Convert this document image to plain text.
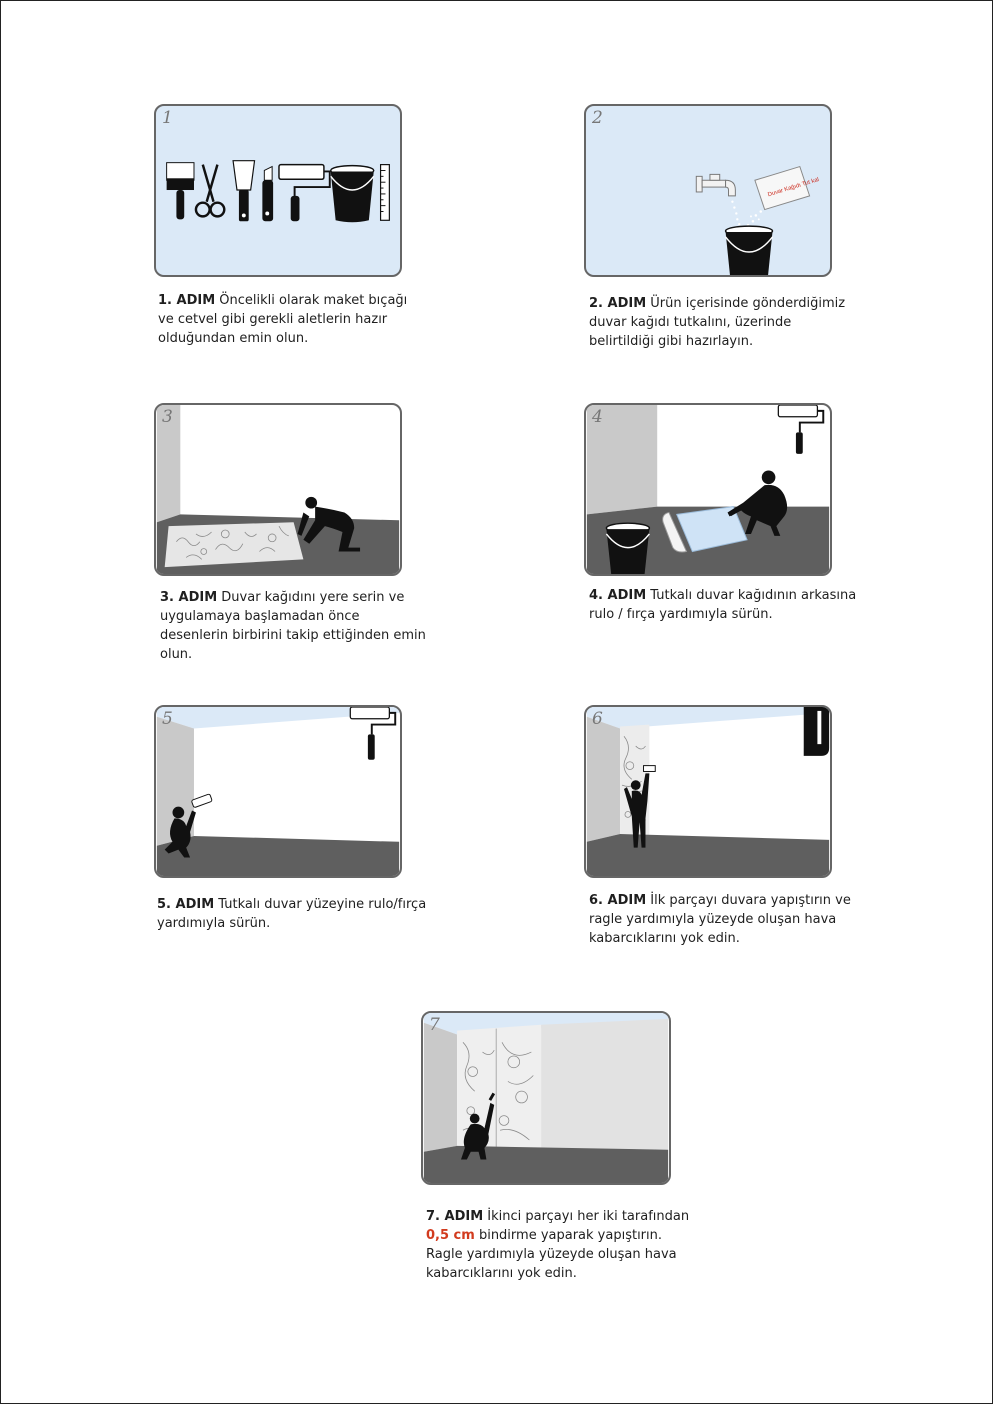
1
1. ADIM Öncelikli olarak maket bıçağı ve cetvel gibi gerekli aletlerin hazır olduğundan emin olun.
2
Duvar Kağıdı Tut kal
2. ADIM Ürün içerisinde gönderdiğimiz duvar kağıdı tutkalını, üzerinde belirtildiği gibi hazırlayın.
3
3. ADIM Duvar kağıdını yere serin ve uygulamaya başlamadan önce desenlerin birbirini takip ettiğinden emin olun.
4
4. ADIM Tutkalı duvar kağıdının arkasına rulo / fırça yardımıyla sürün.
5
5. ADIM Tutkalı duvar yüzeyine rulo/fırça yardımıyla sürün.
6
6. ADIM İlk parçayı duvara yapıştırın ve ragle yardımıyla yüzeyde oluşan hava kabarcıklarını yok edin.
7
7. ADIM İkinci parçayı her iki tarafından
0,5 cm bindirme yaparak yapıştırın. Ragle yardımıyla yüzeyde oluşan hava kabarcıklarını yok edin.
